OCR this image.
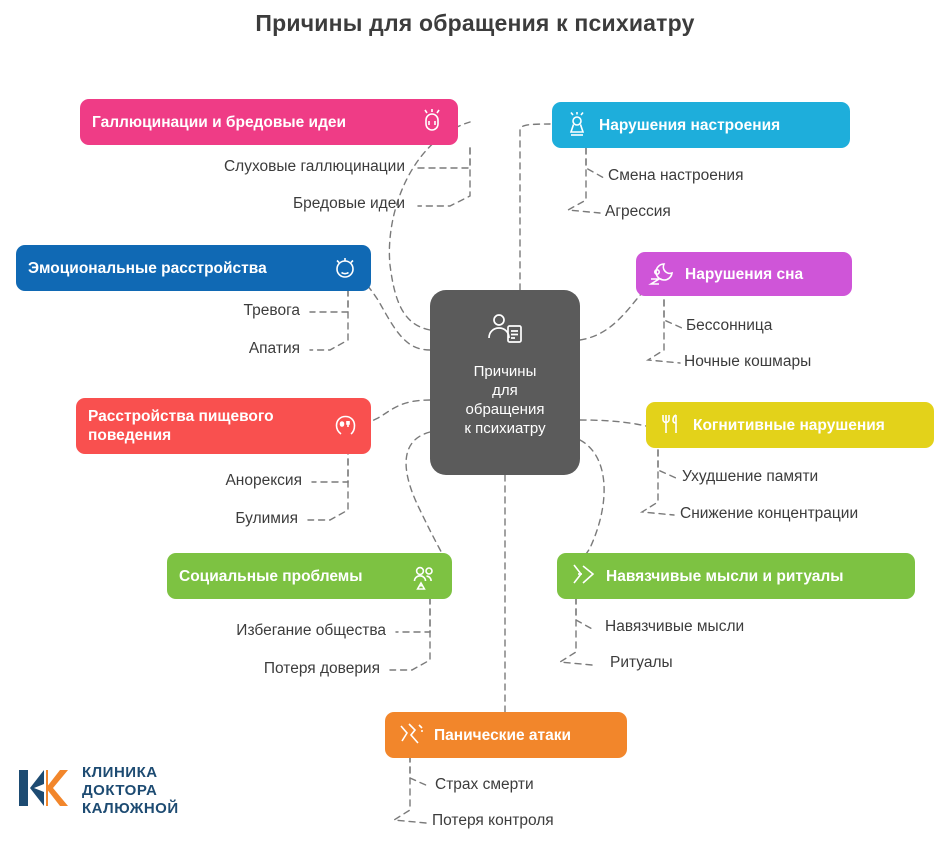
Причины для обращения к психиатру
Причины
для
обращения
к психиатру
Галлюцинации и бредовые идеи
Слуховые галлюцинации
Бредовые идеи
Эмоциональные расстройства
Тревога
Апатия
Расстройства пищевого поведения
Анорексия
Булимия
Социальные проблемы
Избегание общества
Потеря доверия
Нарушения настроения
Смена настроения
Агрессия
Нарушения сна
Бессонница
Ночные кошмары
Когнитивные нарушения
Ухудшение памяти
Снижение концентрации
Навязчивые мысли и ритуалы
Навязчивые мысли
Ритуалы
Панические атаки
Страх смерти
Потеря контроля
КЛИНИКА
ДОКТОРА
КАЛЮЖНОЙ
